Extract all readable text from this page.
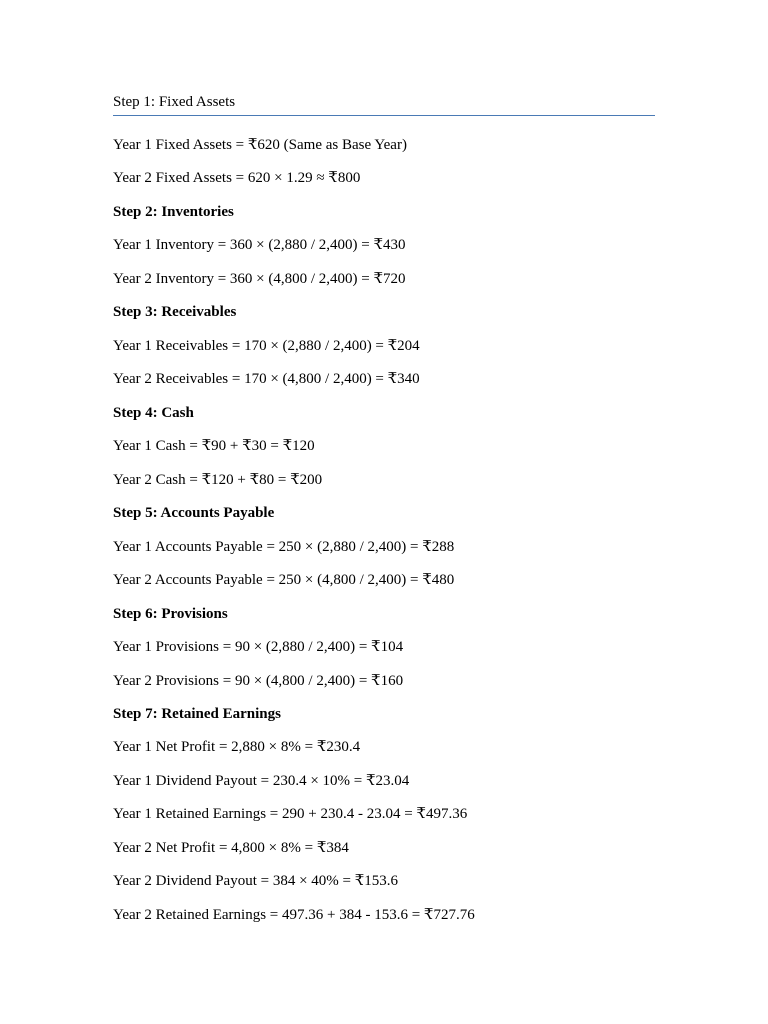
Step 1: Fixed Assets
Year 1 Fixed Assets = ₹620 (Same as Base Year)
Year 2 Fixed Assets = 620 × 1.29 ≈ ₹800
Step 2: Inventories
Year 1 Inventory = 360 × (2,880 / 2,400) = ₹430
Year 2 Inventory = 360 × (4,800 / 2,400) = ₹720
Step 3: Receivables
Year 1 Receivables = 170 × (2,880 / 2,400) = ₹204
Year 2 Receivables = 170 × (4,800 / 2,400) = ₹340
Step 4: Cash
Year 1 Cash = ₹90 + ₹30 = ₹120
Year 2 Cash = ₹120 + ₹80 = ₹200
Step 5: Accounts Payable
Year 1 Accounts Payable = 250 × (2,880 / 2,400) = ₹288
Year 2 Accounts Payable = 250 × (4,800 / 2,400) = ₹480
Step 6: Provisions
Year 1 Provisions = 90 × (2,880 / 2,400) = ₹104
Year 2 Provisions = 90 × (4,800 / 2,400) = ₹160
Step 7: Retained Earnings
Year 1 Net Profit = 2,880 × 8% = ₹230.4
Year 1 Dividend Payout = 230.4 × 10% = ₹23.04
Year 1 Retained Earnings = 290 + 230.4 - 23.04 = ₹497.36
Year 2 Net Profit = 4,800 × 8% = ₹384
Year 2 Dividend Payout = 384 × 40% = ₹153.6
Year 2 Retained Earnings = 497.36 + 384 - 153.6 = ₹727.76
